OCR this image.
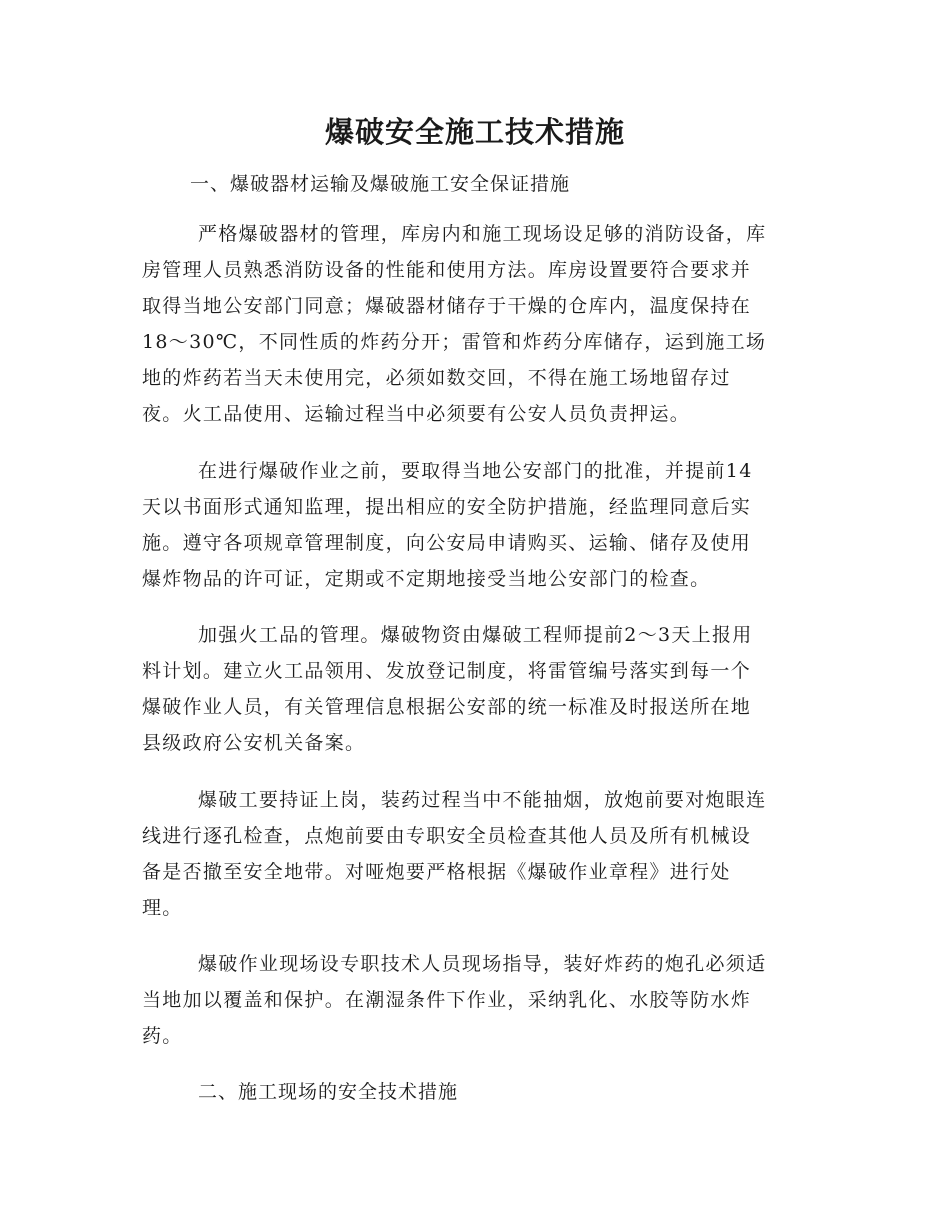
爆破安全施工技术措施

一、爆破器材运输及爆破施工安全保证措施

严格爆破器材的管理，库房内和施工现场设足够的消防设备，库
房管理人员熟悉消防设备的性能和使用方法。库房设置要符合要求并
取得当地公安部门同意；爆破器材储存于干燥的仓库内，温度保持在
18～30℃，不同性质的炸药分开；雷管和炸药分库储存，运到施工场
地的炸药若当天未使用完，必须如数交回，不得在施工场地留存过
夜。火工品使用、运输过程当中必须要有公安人员负责押运。
在进行爆破作业之前，要取得当地公安部门的批准，并提前14
天以书面形式通知监理，提出相应的安全防护措施，经监理同意后实
施。遵守各项规章管理制度，向公安局申请购买、运输、储存及使用
爆炸物品的许可证，定期或不定期地接受当地公安部门的检查。
加强火工品的管理。爆破物资由爆破工程师提前2～3天上报用
料计划。建立火工品领用、发放登记制度，将雷管编号落实到每一个
爆破作业人员，有关管理信息根据公安部的统一标准及时报送所在地
县级政府公安机关备案。
爆破工要持证上岗，装药过程当中不能抽烟，放炮前要对炮眼连
线进行逐孔检查，点炮前要由专职安全员检查其他人员及所有机械设
备是否撤至安全地带。对哑炮要严格根据《爆破作业章程》进行处
理。
爆破作业现场设专职技术人员现场指导，装好炸药的炮孔必须适
当地加以覆盖和保护。在潮湿条件下作业，采纳乳化、水胶等防水炸
药。

二、施工现场的安全技术措施
